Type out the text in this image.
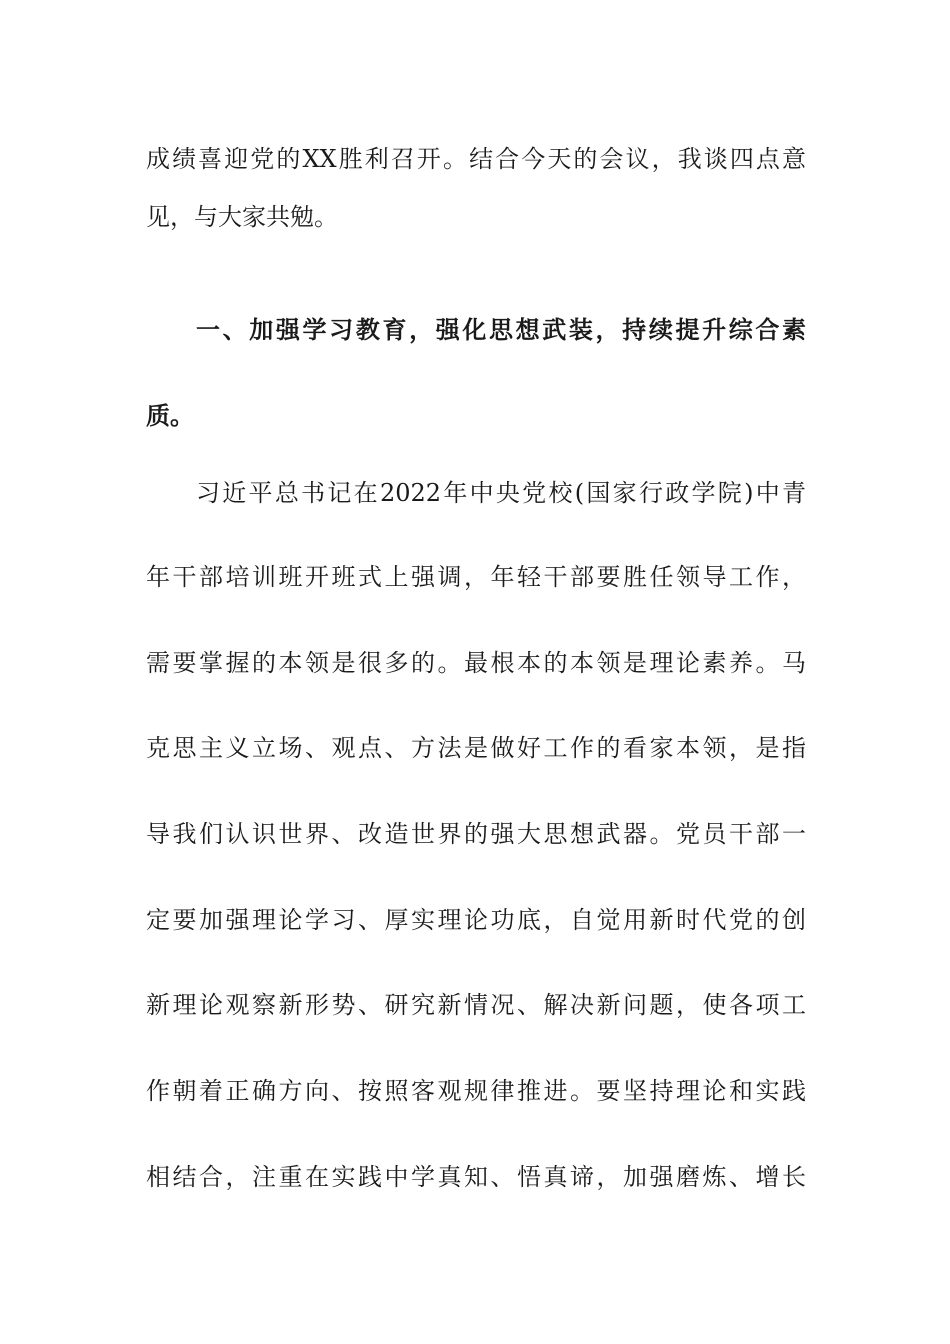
成绩喜迎党的XX胜利召开。结合今天的会议，我谈四点意
见，与大家共勉。
一、加强学习教育，强化思想武装，持续提升综合素
质。
习近平总书记在2022年中央党校(国家行政学院)中青
年干部培训班开班式上强调，年轻干部要胜任领导工作，
需要掌握的本领是很多的。最根本的本领是理论素养。马
克思主义立场、观点、方法是做好工作的看家本领，是指
导我们认识世界、改造世界的强大思想武器。党员干部一
定要加强理论学习、厚实理论功底，自觉用新时代党的创
新理论观察新形势、研究新情况、解决新问题，使各项工
作朝着正确方向、按照客观规律推进。要坚持理论和实践
相结合，注重在实践中学真知、悟真谛，加强磨炼、增长
